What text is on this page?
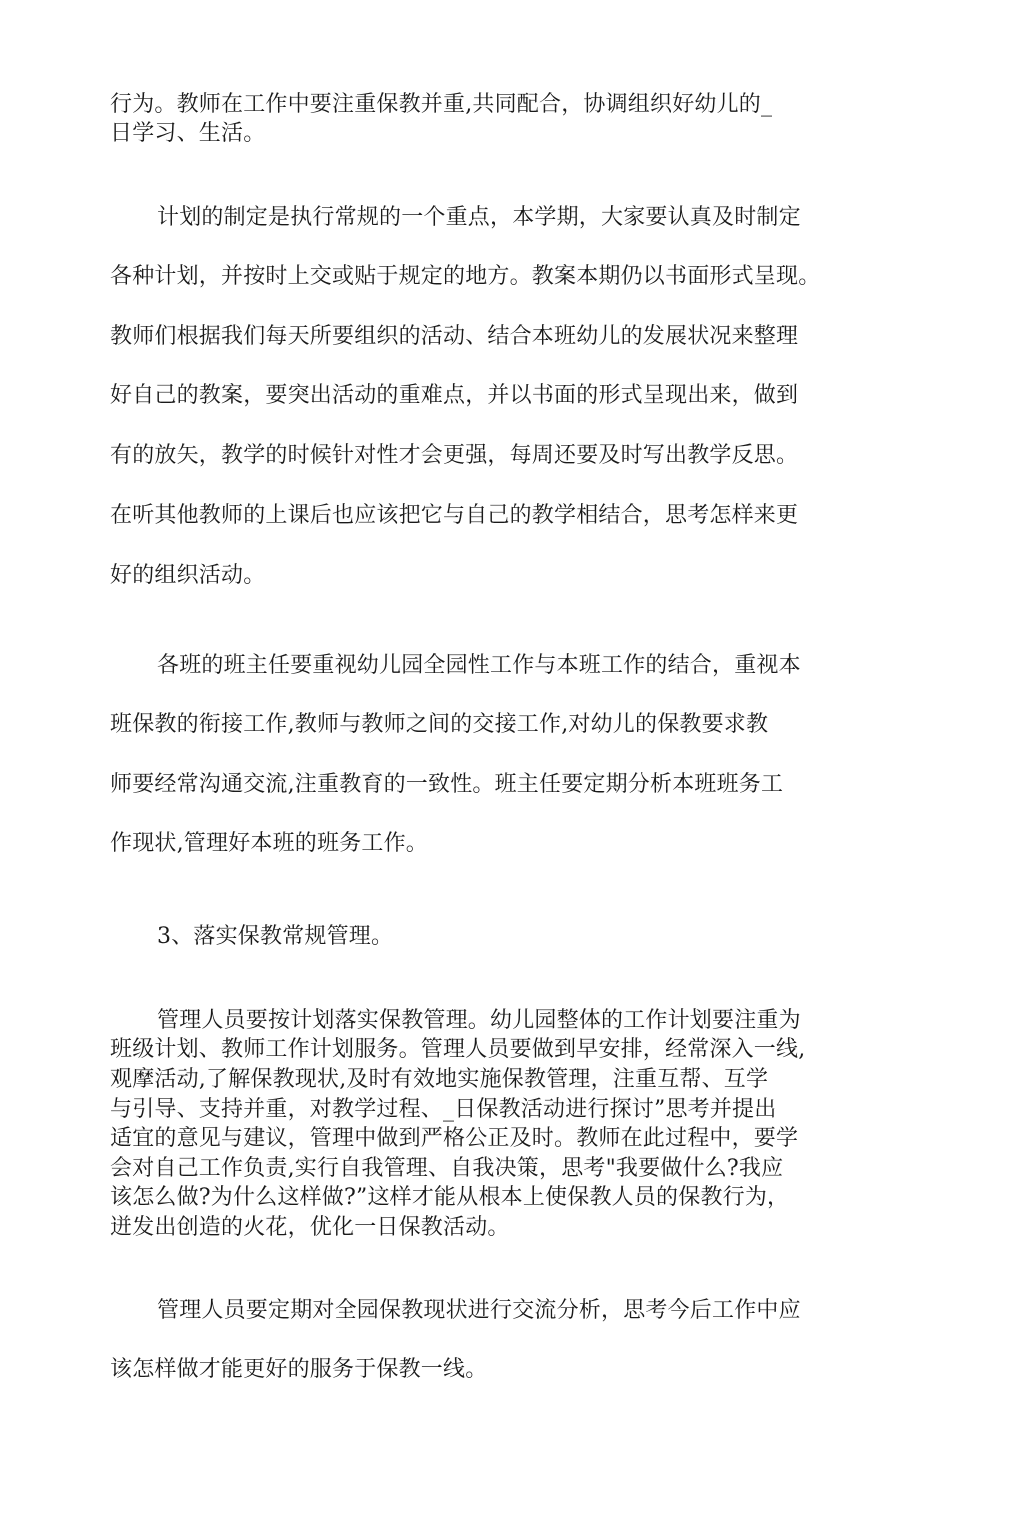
行为。教师在工作中要注重保教并重,共同配合，协调组织好幼儿的_
日学习、生活。
计划的制定是执行常规的一个重点，本学期，大家要认真及时制定
各种计划，并按时上交或贴于规定的地方。教案本期仍以书面形式呈现。
教师们根据我们每天所要组织的活动、结合本班幼儿的发展状况来整理
好自己的教案，要突出活动的重难点，并以书面的形式呈现出来，做到
有的放矢，教学的时候针对性才会更强，每周还要及时写出教学反思。
在听其他教师的上课后也应该把它与自己的教学相结合，思考怎样来更
好的组织活动。
各班的班主任要重视幼儿园全园性工作与本班工作的结合，重视本
班保教的衔接工作,教师与教师之间的交接工作,对幼儿的保教要求教
师要经常沟通交流,注重教育的一致性。班主任要定期分析本班班务工
作现状,管理好本班的班务工作。
3、落实保教常规管理。
管理人员要按计划落实保教管理。幼儿园整体的工作计划要注重为
班级计划、教师工作计划服务。管理人员要做到早安排，经常深入一线,
观摩活动,了解保教现状,及时有效地实施保教管理，注重互帮、互学
与引导、支持并重，对教学过程、_日保教活动进行探讨”思考并提出
适宜的意见与建议，管理中做到严格公正及时。教师在此过程中，要学
会对自己工作负责,实行自我管理、自我决策，思考"我要做什么?我应
该怎么做?为什么这样做?”这样才能从根本上使保教人员的保教行为，
迸发出创造的火花，优化一日保教活动。
管理人员要定期对全园保教现状进行交流分析，思考今后工作中应
该怎样做才能更好的服务于保教一线。
